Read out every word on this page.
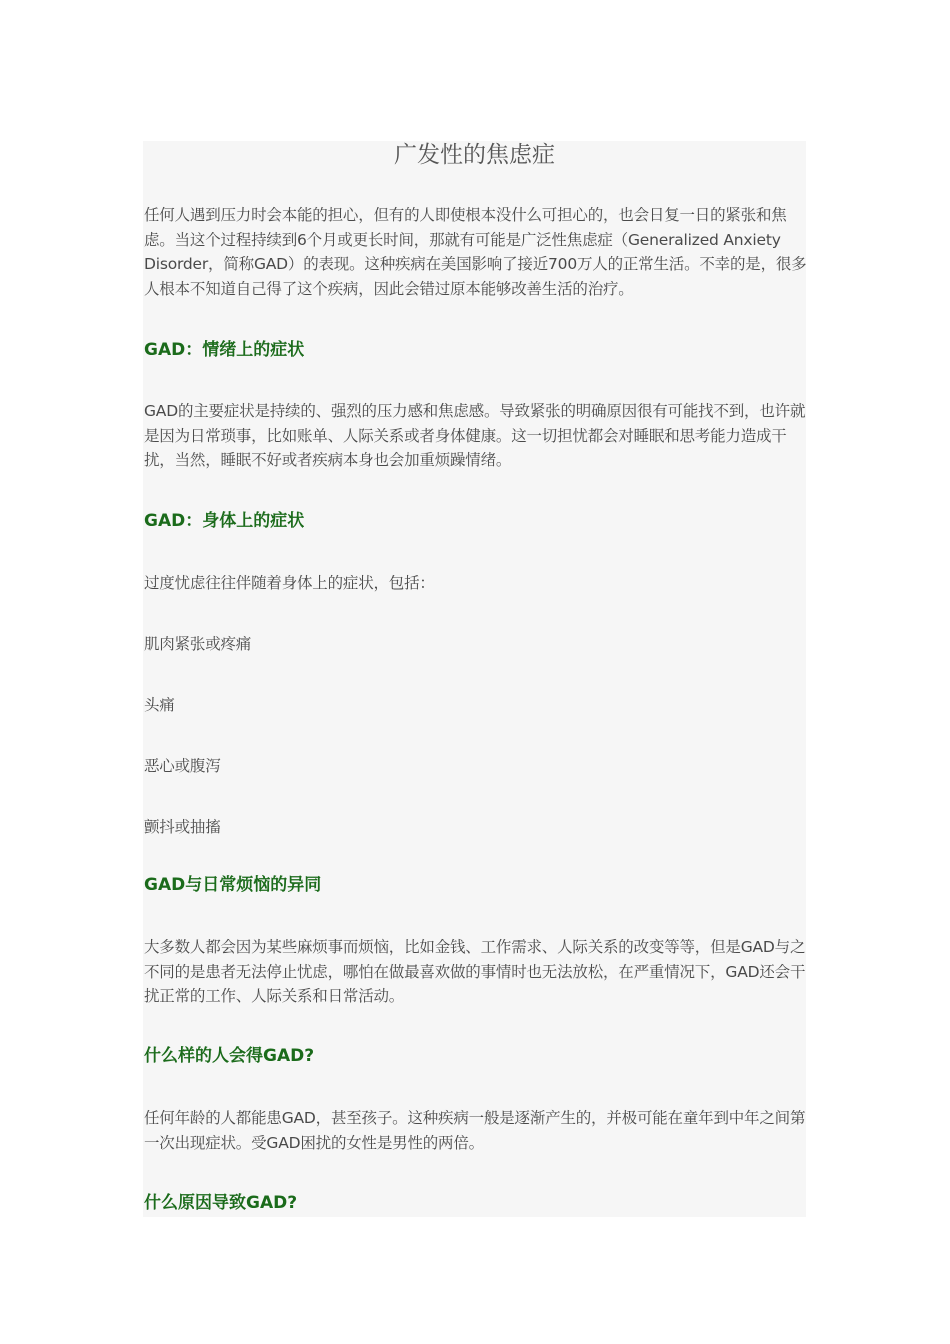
广发性的焦虑症

任何人遇到压力时会本能的担心，但有的人即使根本没什么可担心的，也会日复一日的紧张和焦虑。当这个过程持续到6个月或更长时间，那就有可能是广泛性焦虑症（Generalized Anxiety Disorder，简称GAD）的表现。这种疾病在美国影响了接近700万人的正常生活。不幸的是，很多人根本不知道自己得了这个疾病，因此会错过原本能够改善生活的治疗。

GAD：情绪上的症状

GAD的主要症状是持续的、强烈的压力感和焦虑感。导致紧张的明确原因很有可能找不到，也许就是因为日常琐事，比如账单、人际关系或者身体健康。这一切担忧都会对睡眠和思考能力造成干扰，当然，睡眠不好或者疾病本身也会加重烦躁情绪。

GAD：身体上的症状

过度忧虑往往伴随着身体上的症状，包括：

肌肉紧张或疼痛

头痛

恶心或腹泻

颤抖或抽搐

GAD与日常烦恼的异同

大多数人都会因为某些麻烦事而烦恼，比如金钱、工作需求、人际关系的改变等等，但是GAD与之不同的是患者无法停止忧虑，哪怕在做最喜欢做的事情时也无法放松，在严重情况下，GAD还会干扰正常的工作、人际关系和日常活动。

什么样的人会得GAD?

任何年龄的人都能患GAD，甚至孩子。这种疾病一般是逐渐产生的，并极可能在童年到中年之间第一次出现症状。受GAD困扰的女性是男性的两倍。

什么原因导致GAD?
